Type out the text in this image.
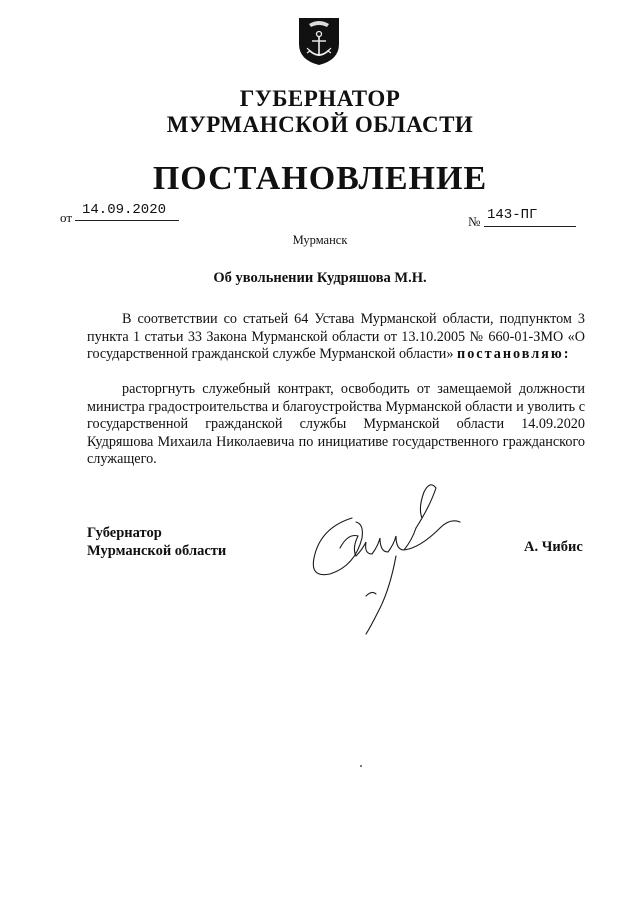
ГУБЕРНАТОР
МУРМАНСКОЙ ОБЛАСТИ
ПОСТАНОВЛЕНИЕ
от 14.09.2020
№ 143-ПГ
Мурманск
Об увольнении Кудряшова М.Н.
В соответствии со статьей 64 Устава Мурманской области, подпунктом 3 пункта 1 статьи 33 Закона Мурманской области от 13.10.2005 № 660-01-ЗМО «О государственной гражданской службе Мурманской области» постановляю:
расторгнуть служебный контракт, освободить от замещаемой должности министра градостроительства и благоустройства Мурманской области и уволить с государственной гражданской службы Мурманской области 14.09.2020 Кудряшова Михаила Николаевича по инициативе государственного гражданского служащего.
Губернатор
Мурманской области	А. Чибис
